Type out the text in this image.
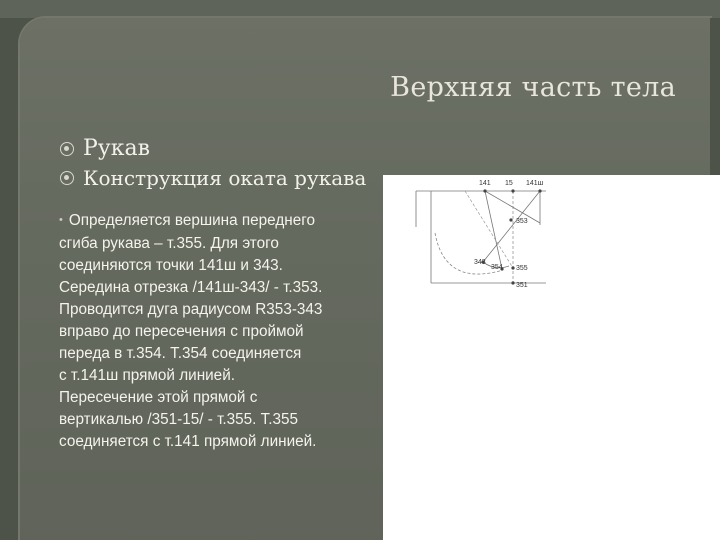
Верхняя часть тела
Рукав
Конструкция оката рукава
• Определяется вершина переднего
сгиба рукава – т.355. Для этого
соединяются точки 141ш и 343.
Середина отрезка /141ш-343/ - т.353.
Проводится дуга радиусом R353-343
вправо до пересечения с проймой
переда в т.354. Т.354 соединяется
с т.141ш прямой линией.
Пересечение этой прямой с
вертикалью /351-15/ - т.355. Т.355
соединяется с т.141 прямой линией.
141 15 141ш
353
343
354 355
351
